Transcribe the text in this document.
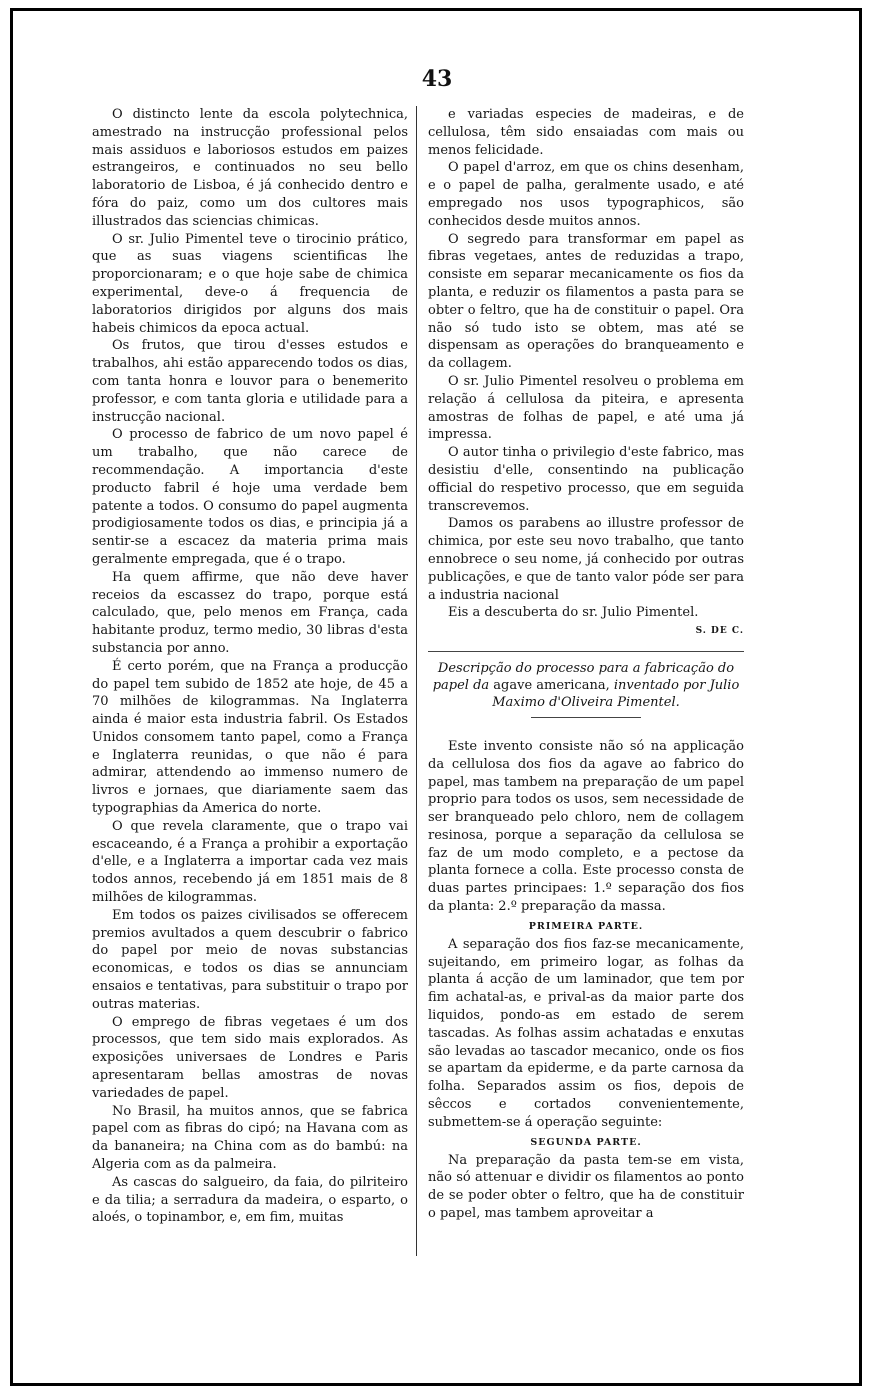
43

O distincto lente da escola polytechnica, amestrado na instrucção professional pelos mais assiduos e laboriosos estudos em paizes estrangeiros, e continuados no seu bello laboratorio de Lisboa, é já conhecido dentro e fóra do paiz, como um dos cultores mais illustrados das sciencias chimicas.

O sr. Julio Pimentel teve o tirocinio prático, que as suas viagens scientificas lhe proporcionaram; e o que hoje sabe de chimica experimental, deve-o á frequencia de laboratorios dirigidos por alguns dos mais habeis chimicos da epoca actual.

Os frutos, que tirou d'esses estudos e trabalhos, ahi estão apparecendo todos os dias, com tanta honra e louvor para o benemerito professor, e com tanta gloria e utilidade para a instrucção nacional.

O processo de fabrico de um novo papel é um trabalho, que não carece de recommendação. A importancia d'este producto fabril é hoje uma verdade bem patente a todos. O consumo do papel augmenta prodigiosamente todos os dias, e principia já a sentir-se a escacez da materia prima mais geralmente empregada, que é o trapo.

Ha quem affirme, que não deve haver receios da escassez do trapo, porque está calculado, que, pelo menos em França, cada habitante produz, termo medio, 30 libras d'esta substancia por anno.

É certo porém, que na França a producção do papel tem subido de 1852 ate hoje, de 45 a 70 milhões de kilogrammas. Na Inglaterra ainda é maior esta industria fabril. Os Estados Unidos consomem tanto papel, como a França e Inglaterra reunidas, o que não é para admirar, attendendo ao immenso numero de livros e jornaes, que diariamente saem das typographias da America do norte.

O que revela claramente, que o trapo vai escaceando, é a França a prohibir a exportação d'elle, e a Inglaterra a importar cada vez mais todos annos, recebendo já em 1851 mais de 8 milhões de kilogrammas.

Em todos os paizes civilisados se offerecem premios avultados a quem descubrir o fabrico do papel por meio de novas substancias economicas, e todos os dias se annunciam ensaios e tentativas, para substituir o trapo por outras materias.

O emprego de fibras vegetaes é um dos processos, que tem sido mais explorados. As exposições universaes de Londres e Paris apresentaram bellas amostras de novas variedades de papel.

No Brasil, ha muitos annos, que se fabrica papel com as fibras do cipó; na Havana com as da bananeira; na China com as do bambú: na Algeria com as da palmeira.

As cascas do salgueiro, da faia, do pilriteiro e da tilia; a serradura da madeira, o esparto, o aloés, o topinambor, e, em fim, muitas

e variadas especies de madeiras, e de cellulosa, têm sido ensaiadas com mais ou menos felicidade.

O papel d'arroz, em que os chins desenham, e o papel de palha, geralmente usado, e até empregado nos usos typographicos, são conhecidos desde muitos annos.

O segredo para transformar em papel as fibras vegetaes, antes de reduzidas a trapo, consiste em separar mecanicamente os fios da planta, e reduzir os filamentos a pasta para se obter o feltro, que ha de constituir o papel. Ora não só tudo isto se obtem, mas até se dispensam as operações do branqueamento e da collagem.

O sr. Julio Pimentel resolveu o problema em relação á cellulosa da piteira, e apresenta amostras de folhas de papel, e até uma já impressa.

O autor tinha o privilegio d'este fabrico, mas desistiu d'elle, consentindo na publicação official do respetivo processo, que em seguida transcrevemos.

Damos os parabens ao illustre professor de chimica, por este seu novo trabalho, que tanto ennobrece o seu nome, já conhecido por outras publicações, e que de tanto valor póde ser para a industria nacional

Eis a descuberta do sr. Julio Pimentel.

S. DE C.

Descripção do processo para a fabricação do papel da agave americana, inventado por Julio Maximo d'Oliveira Pimentel.

Este invento consiste não só na applicação da cellulosa dos fios da agave ao fabrico do papel, mas tambem na preparação de um papel proprio para todos os usos, sem necessidade de ser branqueado pelo chloro, nem de collagem resinosa, porque a separação da cellulosa se faz de um modo completo, e a pectose da planta fornece a colla. Este processo consta de duas partes principaes: 1.º separação dos fios da planta: 2.º preparação da massa.

PRIMEIRA PARTE.

A separação dos fios faz-se mecanicamente, sujeitando, em primeiro logar, as folhas da planta á acção de um laminador, que tem por fim achatal-as, e prival-as da maior parte dos liquidos, pondo-as em estado de serem tascadas. As folhas assim achatadas e enxutas são levadas ao tascador mecanico, onde os fios se apartam da epiderme, e da parte carnosa da folha. Separados assim os fios, depois de sêccos e cortados convenientemente, submettem-se á operação seguinte:

SEGUNDA PARTE.

Na preparação da pasta tem-se em vista, não só attenuar e dividir os filamentos ao ponto de se poder obter o feltro, que ha de constituir o papel, mas tambem aproveitar a
